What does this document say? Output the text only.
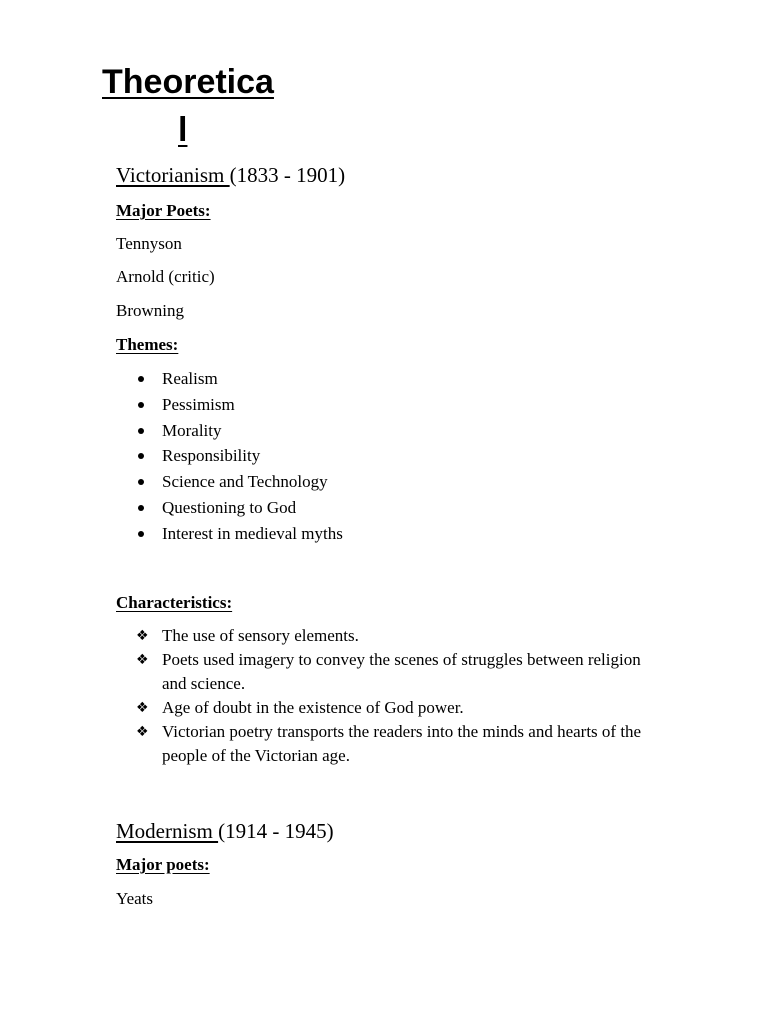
Theoretica
l
Victorianism (1833 - 1901)
Major Poets:
Tennyson
Arnold (critic)
Browning
Themes:
Realism
Pessimism
Morality
Responsibility
Science and Technology
Questioning to God
Interest in medieval myths
Characteristics:
❖ The use of sensory elements.
❖ Poets used imagery to convey the scenes of struggles between religion and science.
❖ Age of doubt in the existence of God power.
❖ Victorian poetry transports the readers into the minds and hearts of the people of the Victorian age.
Modernism (1914 - 1945)
Major poets:
Yeats
